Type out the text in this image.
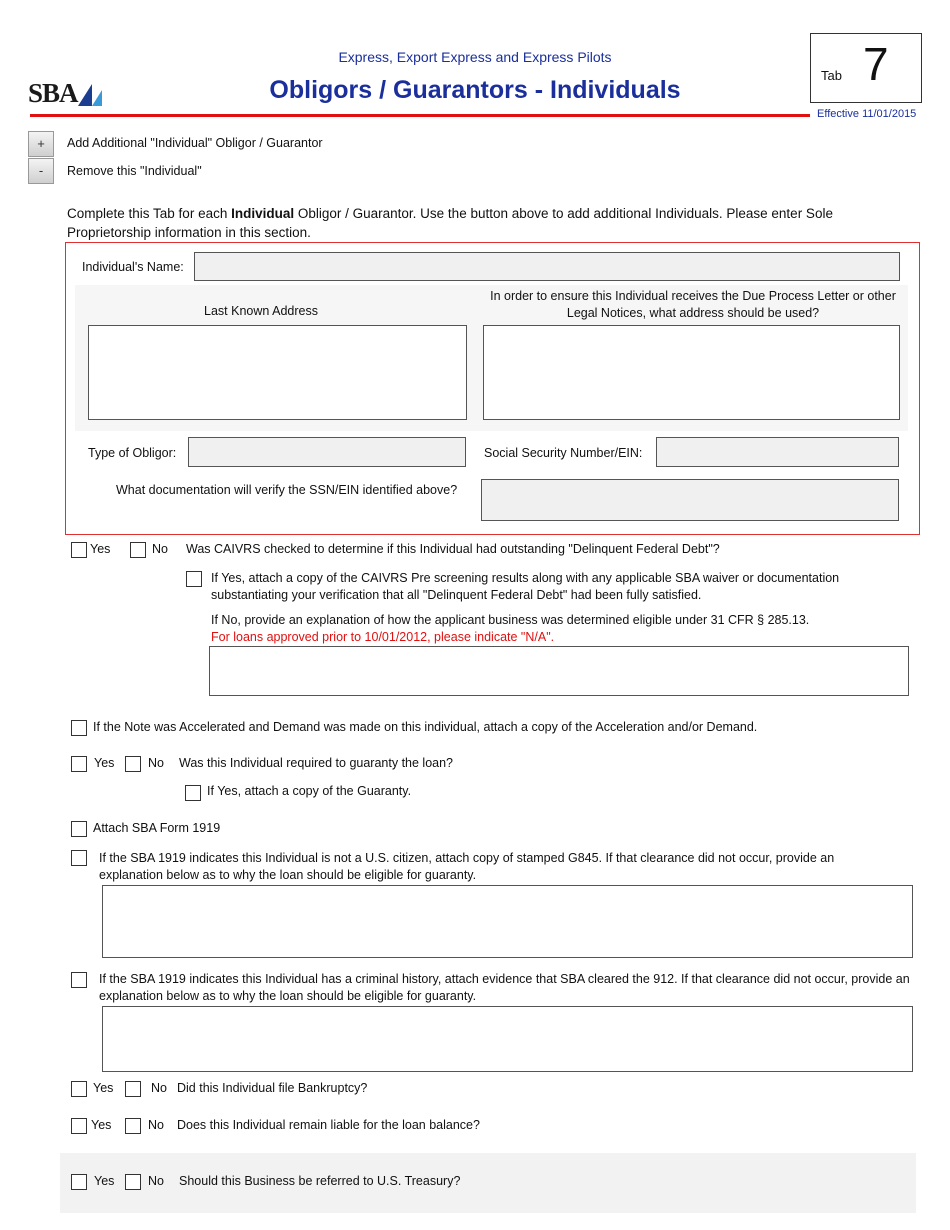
SBA
Express, Export Express and Express Pilots
Obligors / Guarantors - Individuals
Tab 7
Effective 11/01/2015
+	Add Additional "Individual" Obligor / Guarantor
-	Remove this "Individual"
Complete this Tab for each Individual Obligor / Guarantor. Use the button above to add additional Individuals. Please enter Sole Proprietorship information in this section.
Individual's Name:
Last Known Address
In order to ensure this Individual receives the Due Process Letter or other Legal Notices, what address should be used?
Type of Obligor:	Social Security Number/EIN:
What documentation will verify the SSN/EIN identified above?
Yes	No Was CAIVRS checked to determine if this Individual had outstanding "Delinquent Federal Debt"?
If Yes, attach a copy of the CAIVRS Pre screening results along with any applicable SBA waiver or documentation substantiating your verification that all "Delinquent Federal Debt" had been fully satisfied.
If No, provide an explanation of how the applicant business was determined eligible under 31 CFR § 285.13.
For loans approved prior to 10/01/2012, please indicate "N/A".
If the Note was Accelerated and Demand was made on this individual, attach a copy of the Acceleration and/or Demand.
Yes	No Was this Individual required to guaranty the loan?
If Yes, attach a copy of the Guaranty.
Attach SBA Form 1919
If the SBA 1919 indicates this Individual is not a U.S. citizen, attach copy of stamped G845. If that clearance did not occur, provide an explanation below as to why the loan should be eligible for guaranty.
If the SBA 1919 indicates this Individual has a criminal history, attach evidence that SBA cleared the 912. If that clearance did not occur, provide an explanation below as to why the loan should be eligible for guaranty.
Yes	No Did this Individual file Bankruptcy?
Yes	No Does this Individual remain liable for the loan balance?
Yes	No Should this Business be referred to U.S. Treasury?
